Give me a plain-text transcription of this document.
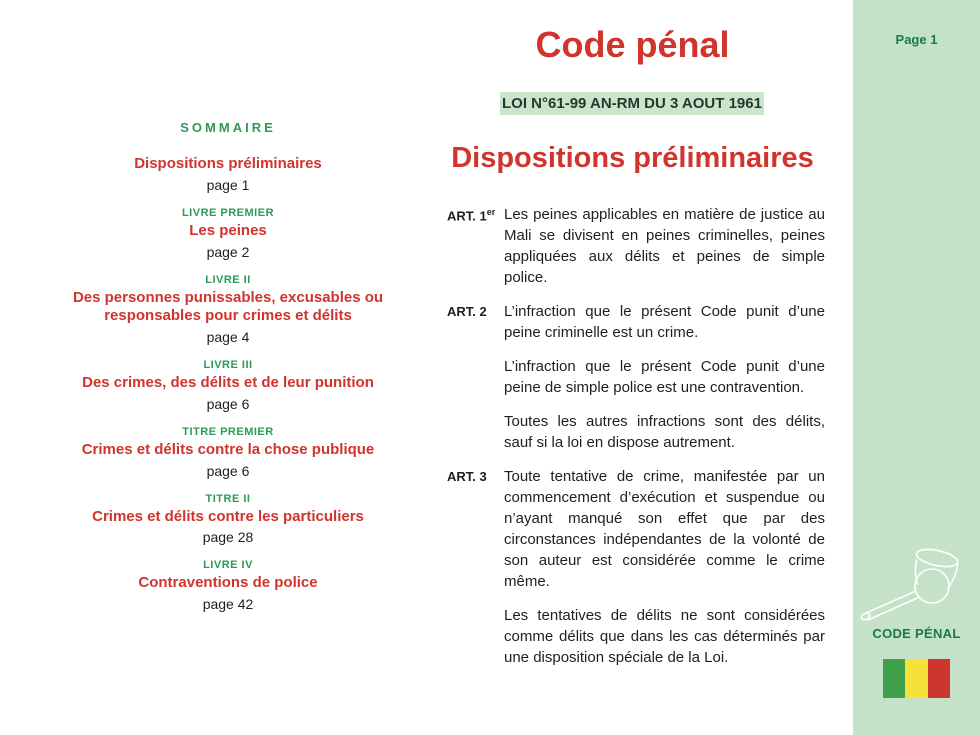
SOMMAIRE
Dispositions préliminaires
page 1
LIVRE PREMIER
Les peines
page 2
LIVRE II
Des personnes punissables, excusables ou responsables pour crimes et délits
page 4
LIVRE III
Des crimes, des délits et de leur punition
page 6
TITRE PREMIER
Crimes et délits contre la chose publique
page 6
TITRE II
Crimes et délits contre les particuliers
page 28
LIVRE IV
Contraventions de police
page 42
Code pénal
LOI N°61-99 AN-RM DU 3 AOUT 1961
Dispositions préliminaires
ART. 1er Les peines applicables en matière de justice au Mali se divisent en peines criminelles, peines appliquées aux délits et peines de simple police.

ART. 2	L’infraction que le présent Code punit d’une peine criminelle est un crime.

L’infraction que le présent Code punit d’une peine de simple police est une contravention.

Toutes les autres infractions sont des délits, sauf si la loi en dispose autrement.

ART. 3	Toute tentative de crime, manifestée par un commencement d’exécution et suspendue ou n’ayant manqué son effet que par des circonstances indépendantes de la volonté de son auteur est considérée comme le crime même.

Les tentatives de délits ne sont considérées comme délits que dans les cas déterminés par une disposition spéciale de la Loi.

Page 1

CODE PÉNAL
